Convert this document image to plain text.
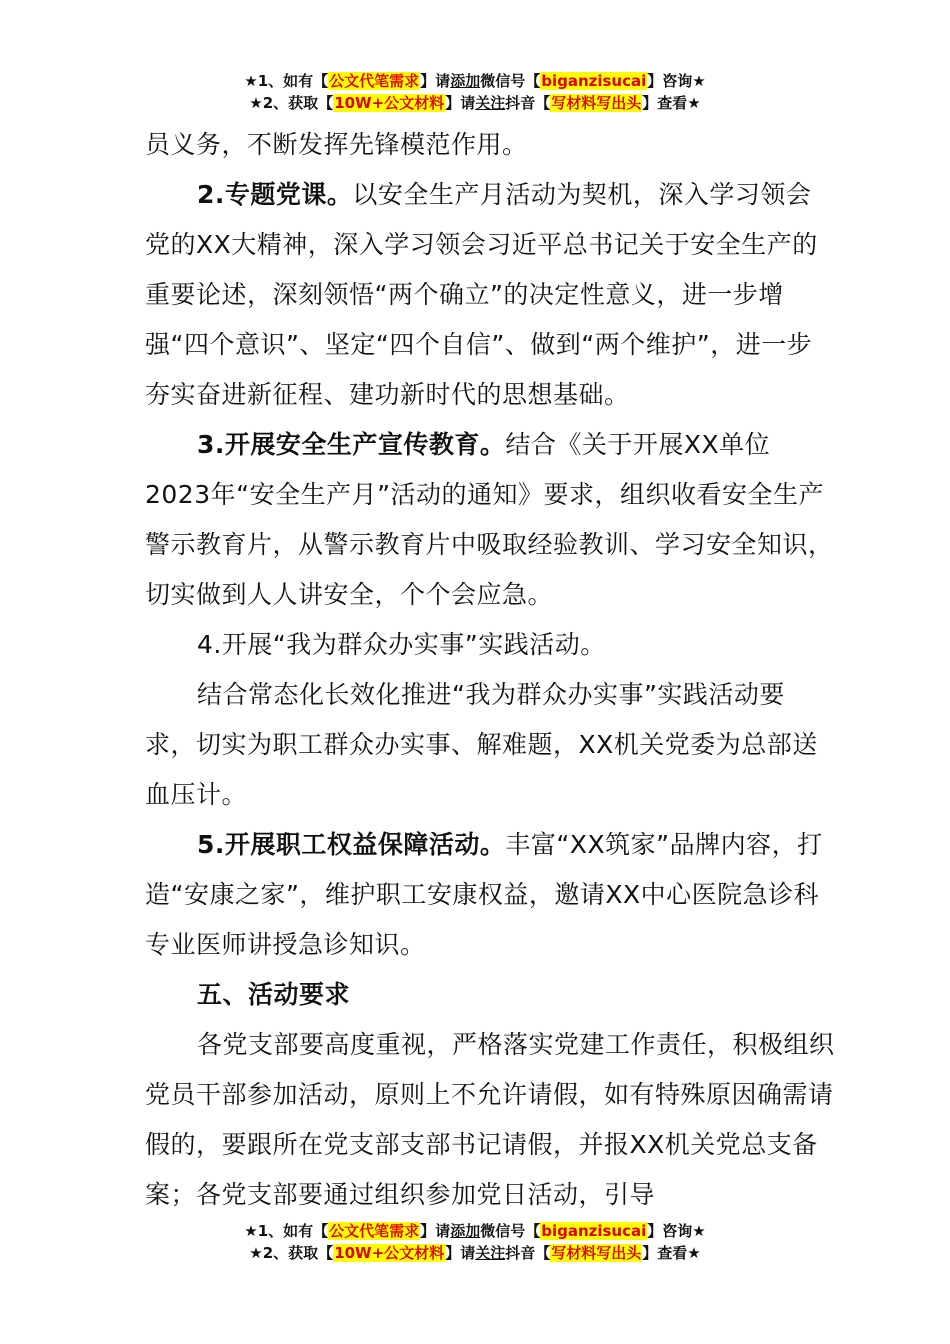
★1、如有【公文代笔需求】请添加微信号【biganzisucai】咨询★
★2、获取【10W+公文材料】请关注抖音【写材料写出头】查看★

员义务，不断发挥先锋模范作用。

2.专题党课。以安全生产月活动为契机，深入学习领会党的XX大精神，深入学习领会习近平总书记关于安全生产的重要论述，深刻领悟“两个确立”的决定性意义，进一步增强“四个意识”、坚定“四个自信”、做到“两个维护”，进一步夯实奋进新征程、建功新时代的思想基础。

3.开展安全生产宣传教育。结合《关于开展XX单位2023年“安全生产月”活动的通知》要求，组织收看安全生产警示教育片，从警示教育片中吸取经验教训、学习安全知识，切实做到人人讲安全，个个会应急。

4.开展“我为群众办实事”实践活动。

结合常态化长效化推进“我为群众办实事”实践活动要求，切实为职工群众办实事、解难题，XX机关党委为总部送血压计。

5.开展职工权益保障活动。丰富“XX筑家”品牌内容，打造“安康之家”，维护职工安康权益，邀请XX中心医院急诊科专业医师讲授急诊知识。

五、活动要求

各党支部要高度重视，严格落实党建工作责任，积极组织党员干部参加活动，原则上不允许请假，如有特殊原因确需请假的，要跟所在党支部支部书记请假，并报XX机关党总支备案；各党支部要通过组织参加党日活动，引导

★1、如有【公文代笔需求】请添加微信号【biganzisucai】咨询★
★2、获取【10W+公文材料】请关注抖音【写材料写出头】查看★
